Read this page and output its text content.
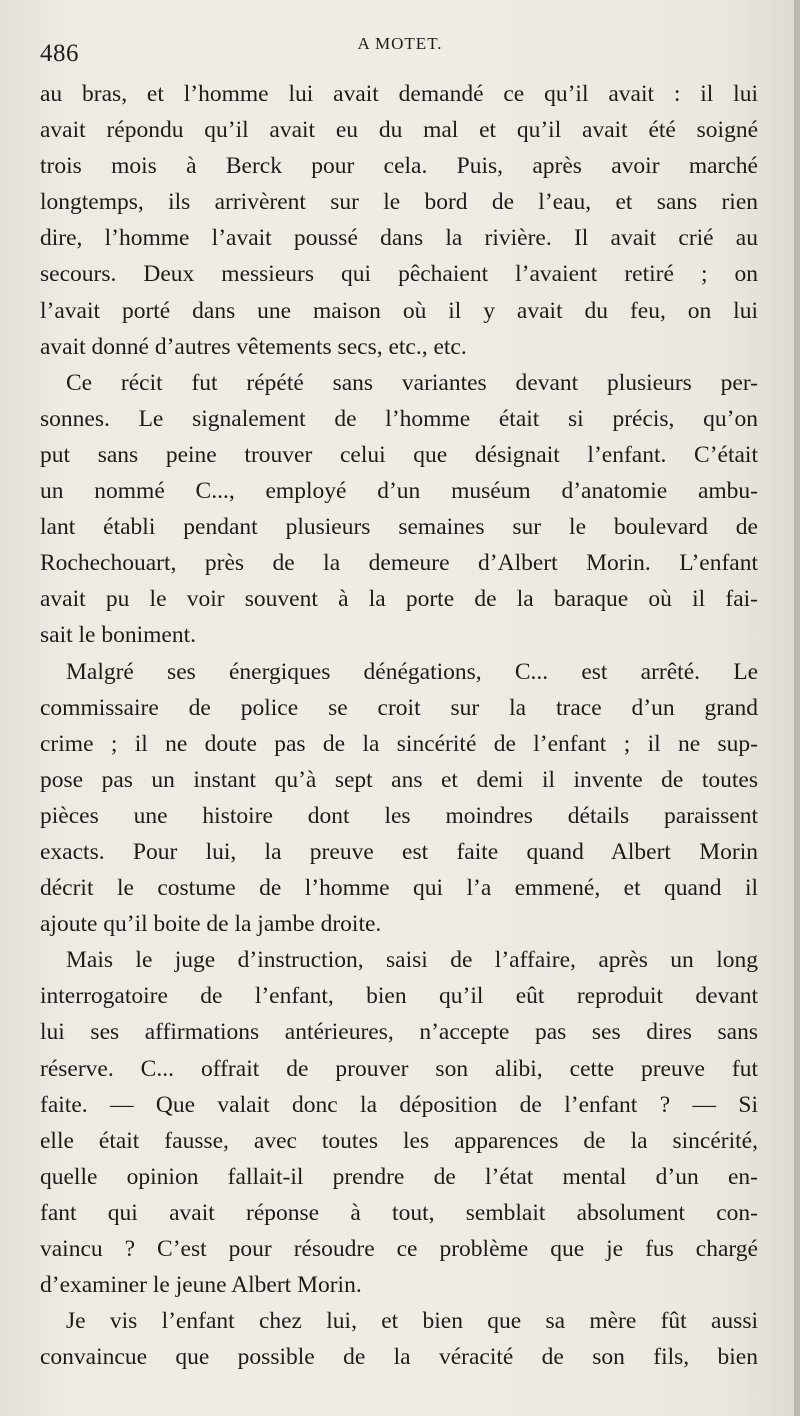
486	A MOTET.
au bras, et l’homme lui avait demandé ce qu’il avait : il lui
avait répondu qu’il avait eu du mal et qu’il avait été soigné
trois mois à Berck pour cela. Puis, après avoir marché
longtemps, ils arrivèrent sur le bord de l’eau, et sans rien
dire, l’homme l’avait poussé dans la rivière. Il avait crié au
secours. Deux messieurs qui pêchaient l’avaient retiré ; on
l’avait porté dans une maison où il y avait du feu, on lui
avait donné d’autres vêtements secs, etc., etc.
Ce récit fut répété sans variantes devant plusieurs per-
sonnes. Le signalement de l’homme était si précis, qu’on
put sans peine trouver celui que désignait l’enfant. C’était
un nommé C..., employé d’un muséum d’anatomie ambu-
lant établi pendant plusieurs semaines sur le boulevard de
Rochechouart, près de la demeure d’Albert Morin. L’enfant
avait pu le voir souvent à la porte de la baraque où il fai-
sait le boniment.
Malgré ses énergiques dénégations, C... est arrêté. Le
commissaire de police se croit sur la trace d’un grand
crime ; il ne doute pas de la sincérité de l’enfant ; il ne sup-
pose pas un instant qu’à sept ans et demi il invente de toutes
pièces une histoire dont les moindres détails paraissent
exacts. Pour lui, la preuve est faite quand Albert Morin
décrit le costume de l’homme qui l’a emmené, et quand il
ajoute qu’il boite de la jambe droite.
Mais le juge d’instruction, saisi de l’affaire, après un long
interrogatoire de l’enfant, bien qu’il eût reproduit devant
lui ses affirmations antérieures, n’accepte pas ses dires sans
réserve. C... offrait de prouver son alibi, cette preuve fut
faite. — Que valait donc la déposition de l’enfant ? — Si
elle était fausse, avec toutes les apparences de la sincérité,
quelle opinion fallait-il prendre de l’état mental d’un en-
fant qui avait réponse à tout, semblait absolument con-
vaincu ? C’est pour résoudre ce problème que je fus chargé
d’examiner le jeune Albert Morin.
Je vis l’enfant chez lui, et bien que sa mère fût aussi
convaincue que possible de la véracité de son fils, bien
